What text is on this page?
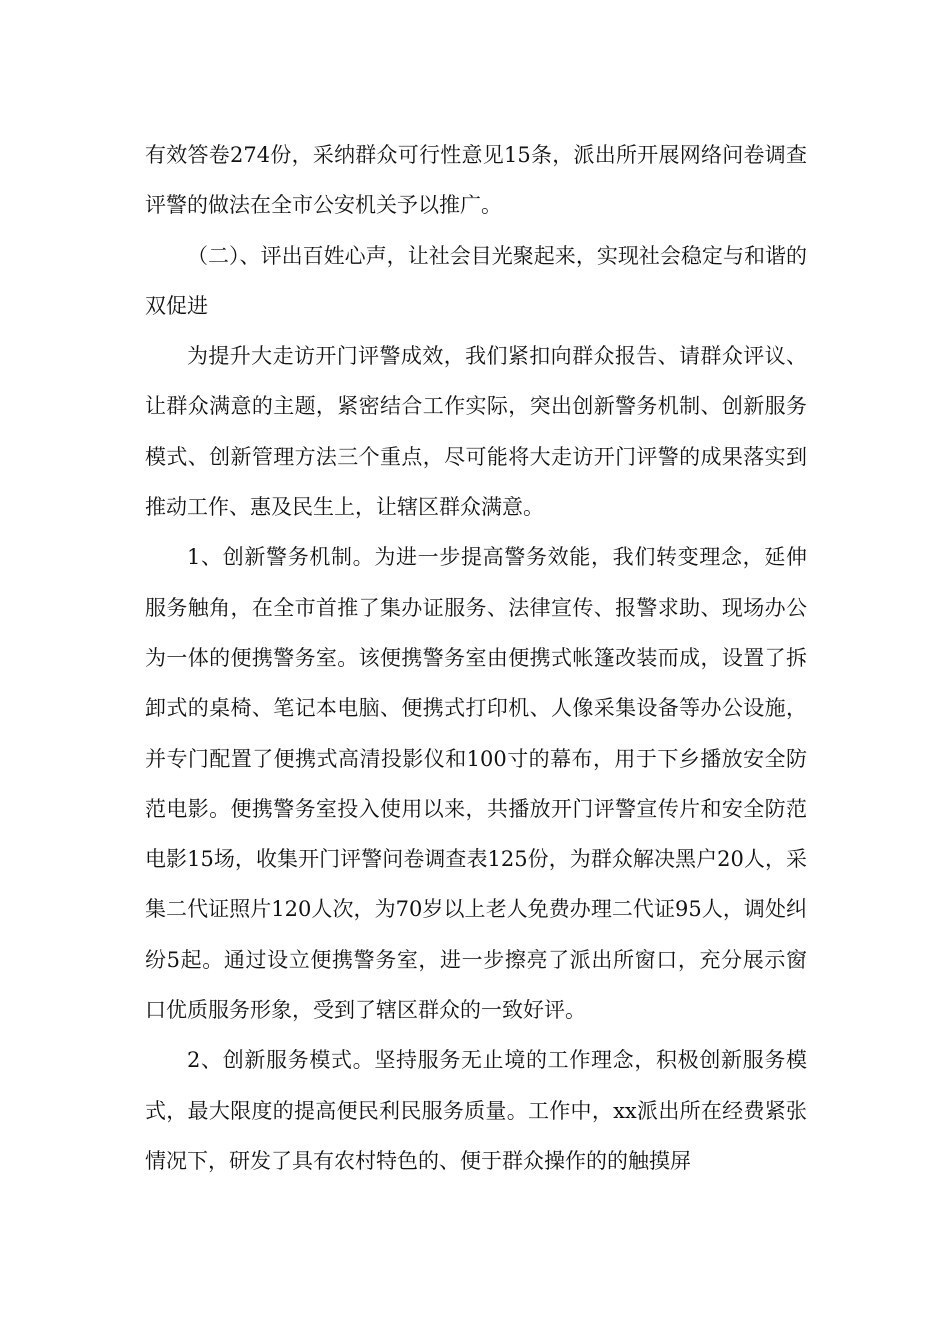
有效答卷274份，采纳群众可行性意见15条，派出所开展网络问卷调查评警的做法在全市公安机关予以推广。

（二）、评出百姓心声，让社会目光聚起来，实现社会稳定与和谐的双促进

为提升大走访开门评警成效，我们紧扣向群众报告、请群众评议、让群众满意的主题，紧密结合工作实际，突出创新警务机制、创新服务模式、创新管理方法三个重点，尽可能将大走访开门评警的成果落实到推动工作、惠及民生上，让辖区群众满意。

1、创新警务机制。为进一步提高警务效能，我们转变理念，延伸服务触角，在全市首推了集办证服务、法律宣传、报警求助、现场办公为一体的便携警务室。该便携警务室由便携式帐篷改装而成，设置了拆卸式的桌椅、笔记本电脑、便携式打印机、人像采集设备等办公设施，并专门配置了便携式高清投影仪和100寸的幕布，用于下乡播放安全防范电影。便携警务室投入使用以来，共播放开门评警宣传片和安全防范电影15场，收集开门评警问卷调查表125份，为群众解决黑户20人，采集二代证照片120人次，为70岁以上老人免费办理二代证95人，调处纠纷5起。通过设立便携警务室，进一步擦亮了派出所窗口，充分展示窗口优质服务形象，受到了辖区群众的一致好评。

2、创新服务模式。坚持服务无止境的工作理念，积极创新服务模式，最大限度的提高便民利民服务质量。工作中，xx派出所在经费紧张情况下，研发了具有农村特色的、便于群众操作的的触摸屏
